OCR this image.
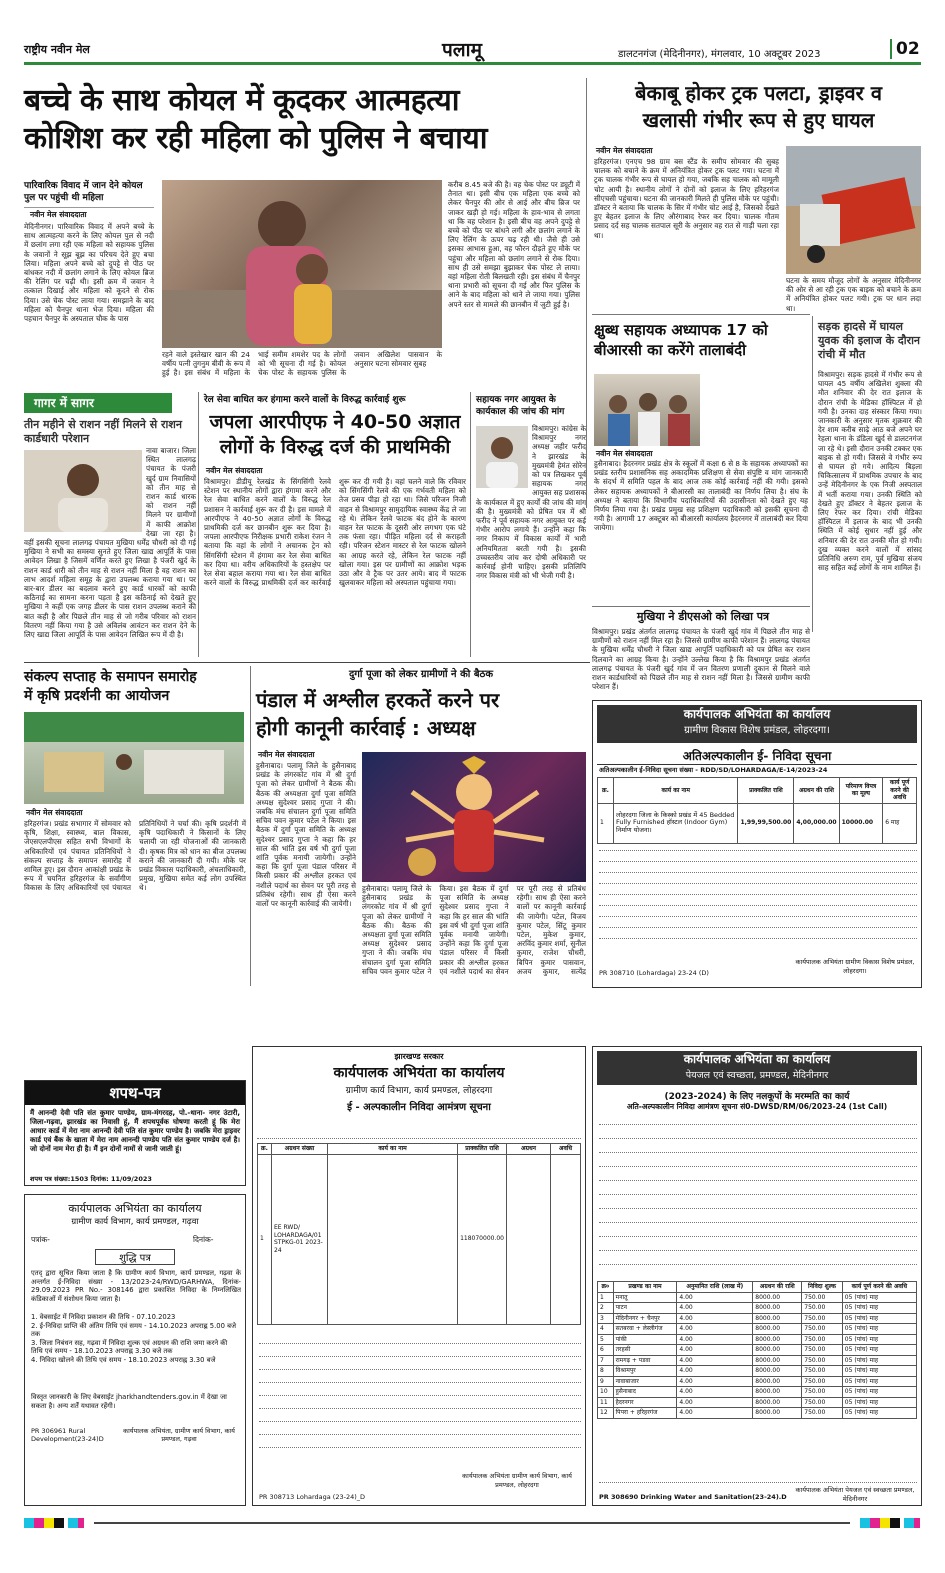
राष्ट्रीय नवीन मेल	पलामू	डालटनगंज (मेदिनीनगर), मंगलवार, 10 अक्टूबर 2023	02
बच्चे के साथ कोयल में कूदकर आत्महत्या
कोशिश कर रही महिला को पुलिस ने बचाया
पारिवारिक विवाद में जान देने कोयल पुल पर पहुंची थी महिला
नवीन मेल संवाददाता
मेदिनीनगर। पारिवारिक विवाद में अपने बच्चे के साथ आत्महत्या करने के लिए कोयल पुल से नदी में छलांग लगा रही एक महिला को सहायक पुलिस के जवानों ने सूझ बूझ का परिचय देते हुए बचा लिया। महिला अपने बच्चे को दुपट्टे से पीठ पर बांधकर नदी में छलांग लगाने के लिए कोयल ब्रिज की रेलिंग पर चढ़ी थी। इसी क्रम में जवान ने तत्काल दिखाई और महिला को कूदने से रोक दिया। उसे चेक पोस्ट लाया गया। समझाने के बाद महिला को चैनपुर थाना भेज दिया। महिला की पहचान चैनपुर के अस्पताल चौक के पास
रहने वाले इस्तेखार खान की 24 वर्षीय पत्नी तुगनुम बीवी के रूप में हुई है। इस संबंध में महिला के भाई समीम शमशेर पद के लोगों को भी सूचना दी गई है। कोयल चेक पोस्ट के सहायक पुलिस के जवान अखिलेश पासवान के अनुसार घटना सोमवार सुबह
करीब 8.45 बजे की है। वह चेक पोस्ट पर ड्यूटी में तैनात था। इसी बीच एक महिला एक बच्चे को लेकर चैनपुर की ओर से आई और बीच ब्रिज पर जाकर खड़ी हो गई। महिला के हाव-भाव से लगता था कि वह परेशान है। इसी बीच वह अपने दुपट्टे से बच्चे को पीठ पर बांधने लगी और छलांग लगाने के लिए रेलिंग के ऊपर चढ़ रही थी। जैसे ही उसे इसका आभास हुआ, वह फौरन दौड़ते हुए मौके पर पहुंचा और महिला को छलांग लगाने से रोक दिया। साथ ही उसे समझा बुझाकर चेक पोस्ट ले लाया। वहां महिला रोती बिलखती रही। इस संबंध में चैनपुर थाना प्रभारी को सूचना दी गई और फिर पुलिस के आने के बाद महिला को थाने ले जाया गया। पुलिस अपने स्तर से मामले की छानबीन में जुटी हुई है।
बेकाबू होकर ट्रक पलटा, ड्राइवर व
खलासी गंभीर रूप से हुए घायल
नवीन मेल संवाददाता
हरिहरगंज। एनएच 98 ग्राम बस स्टैंड के समीप सोमवार की सुबह चालक को बचाने के क्रम में अनियंत्रित होकर ट्रक पलट गया। घटना में ट्रक चालक गंभीर रूप से घायल हो गया, जबकि सह चालक को मामूली चोट आयी है। स्थानीय लोगों ने दोनों को इलाज के लिए हरिहरगंज सीएचसी पहुंचाया। घटना की जानकारी मिलते ही पुलिस मौके पर पहुंची। डॉक्टर ने बताया कि चालक के सिर में गंभीर चोट आई है, जिसको देखते हुए बेहतर इलाज के लिए औरंगाबाद रेफर कर दिया। चालक गौतम प्रसाद दर्द सह चालक सतपाल सूरी के अनुसार वह रात से गाड़ी चला रहा था।
घटना के समय मौजूद लोगों के अनुसार मेदिनीनगर की ओर से आ रही ट्रक एक बाइक को बचाने के क्रम में अनियंत्रित होकर पलट गयी। ट्रक पर धान लदा था।
क्षुब्ध सहायक अध्यापक 17 को
बीआरसी का करेंगे तालाबंदी
नवीन मेल संवाददाता
हुसैनाबाद। हैदरनगर प्रखंड क्षेत्र के स्कूलों में कक्षा 6 से 8 के सहायक अध्यापकों का प्रखंड स्तरीय प्रशासनिक सह अकादमिक प्रशिक्षण से सेवा संपुष्टि व मांग जानकारी के संदर्भ में समिति पहल के बाद आज तक कोई कार्रवाई नहीं की गयी। इसको लेकर सहायक अध्यापकों ने बीआरसी का तालाबंदी का निर्णय लिया है। संघ के अध्यक्ष ने बताया कि विभागीय पदाधिकारियों की उदासीनता को देखते हुए यह निर्णय लिया गया है। प्रखंड प्रमुख सह प्रशिक्षण पदाधिकारी को इसकी सूचना दी गयी है। आगामी 17 अक्टूबर को बीआरसी कार्यालय हैदरनगर में तालाबंदी कर दिया जायेगा।
सड़क हादसे में घायल युवक की इलाज के दौरान रांची में मौत
विश्रामपुर। सड़क हादसे में गंभीर रूप से घायल 45 वर्षीय अखिलेश शुक्ला की मौत शनिवार की देर रात इलाज के दौरान रांची के मेडिका हॉस्पिटल में हो गयी है। उनका दाह संस्कार किया गया। जानकारी के अनुसार मृतक शुक्रवार की देर शाम करीब साढ़े आठ बजे अपने घर रेहला थाना के डंडिला खुर्द से डालटनगंज जा रहे थे। इसी दौरान उनकी टक्कर एक बाइक से हो गयी। जिससे वे गंभीर रूप से घायल हो गये। आदित्य बिड़ला चिकित्सालय में प्राथमिक उपचार के बाद उन्हें मेदिनीनगर के एक निजी अस्पताल में भर्ती कराया गया। उनकी स्थिति को देखते हुए डॉक्टर ने बेहतर इलाज के लिए रेफर कर दिया। रांची मेडिका हॉस्पिटल में इलाज के बाद भी उनकी स्थिति में कोई सुधार नहीं हुई और शनिवार की देर रात उनकी मौत हो गयी। दुख व्यक्त करने वालों में सांसद प्रतिनिधि अरुण राम, पूर्व मुखिया संजय साह सहित कई लोगों के नाम शामिल हैं।
गागर में सागर
तीन महीने से राशन नहीं मिलने से राशन कार्डधारी परेशान
नावा बाजार। जिला स्थित लालगढ़ पंचायत के पंजरी खुर्द ग्राम निवासियों को तीन माह से राशन कार्ड धारक को राशन नहीं मिलने पर ग्रामीणों में काफी आक्रोश देखा जा रहा है। वहीं इसकी सूचना लालगढ़ पंचायत मुखिया धर्मेंद्र चौधरी को दी गई मुखिया ने सभी का समस्या सुनते हुए जिला खाद्य आपूर्ति के पास आवेदन लिखा है जिसमें वर्णित करते हुए लिखा है पंजरी खुर्द के राशन कार्ड धारी को तीन माह से राशन नहीं मिला है वह राशन का लाभ आदर्श महिला समूह के द्वारा उपलब्ध कराया गया था। पर बार-बार डीलर का बदलाव करने हुए कार्ड धारकों को काफी कठिनाई का सामना करना पड़ता है इस कठिनाई को देखते हुए मुखिया ने कहीं एक जगह डीलर के पास राशन उपलब्ध कराने की बात कही है और पिछले तीन माह से जो गरीब परिवार को राशन वितरण नहीं किया गया है उसे अविलंब आवंटन कर राशन देने के लिए खाद्य जिला आपूर्ति के पास आवेदन लिखित रूप में दी है।
रेल सेवा बाधित कर हंगामा करने वालों के विरुद्ध कार्रवाई शुरू
जपला आरपीएफ ने 40-50 अज्ञात
लोगों के विरुद्ध दर्ज की प्राथमिकी
नवीन मेल संवाददाता
विश्रामपुर। डीडीयू रेलखंड के सिंगसिंगी रेलवे स्टेशन पर स्थानीय लोगों द्वारा हंगामा करने और रेल सेवा बाधित करने वालों के विरुद्ध रेल प्रशासन ने कार्रवाई शुरू कर दी है। इस मामले में आरपीएफ ने 40-50 अज्ञात लोगों के विरुद्ध प्राथमिकी दर्ज कर छानबीन शुरू कर दिया है। जपला आरपीएफ निरीक्षक प्रभारी राकेश रंजन ने बताया कि वहां के लोगों ने अचानक ट्रेन को सिंगसिंगी स्टेशन में हंगामा कर रेल सेवा बाधित कर दिया था। वरीय अधिकारियों के हस्तक्षेप पर रेल सेवा बहाल कराया गया था। रेल सेवा बाधित करने वालों के विरुद्ध प्राथमिकी दर्ज कर कार्रवाई शुरू कर दी गयी है। वहां चलने वाले कि रविवार को सिंगसिंगी रेलवे की एक गर्भवती महिला को तेज प्रसव पीड़ा हो रहा था। जिसे परिजन निजी वाहन से विश्रामपुर सामुदायिक स्वास्थ्य केंद्र ले जा रहे थे। लेकिन रेलवे फाटक बंद होने के कारण वाहन रेल फाटक के दूसरी ओर लगभग एक घंटे तक फंसा रहा। पीड़ित महिला दर्द से कराहती रही। परिजन स्टेशन मास्टर से रेल फाटक खोलने का आग्रह करते रहे, लेकिन रेल फाटक नहीं खोला गया। इस पर ग्रामीणों का आक्रोश भड़क उठा और वे ट्रैक पर उतर आये। बाद में फाटक खुलवाकर महिला को अस्पताल पहुंचाया गया।
सहायक नगर आयुक्त के कार्यकाल की जांच की मांग
विश्रामपुर। कांग्रेस के विश्रामपुर नगर अध्यक्ष जहीर फरीद ने झारखंड के मुख्यमंत्री हेमंत सोरेन को पत्र लिखकर पूर्व सहायक नगर आयुक्त सह प्रशासक के कार्यकाल में हुए कार्यों की जांच की मांग की है। मुख्यमंत्री को प्रेषित पत्र में श्री फरीद ने पूर्व सहायक नगर आयुक्त पर कई गंभीर आरोप लगाये हैं। उन्होंने कहा कि नगर निकाय में विकास कार्यों में भारी अनियमितता बरती गयी है। इसकी उच्चस्तरीय जांच कर दोषी अधिकारी पर कार्रवाई होनी चाहिए। इसकी प्रतिलिपि नगर विकास मंत्री को भी भेजी गयी है।
मुखिया ने डीएसओ को लिखा पत्र
विश्रामपुर। प्रखंड अंतर्गत लालगढ़ पंचायत के पंजरी खुर्द गांव में पिछले तीन माह से ग्रामीणों को राशन नहीं मिल रहा है। जिससे ग्रामीण काफी परेशान हैं। लालगढ़ पंचायत के मुखिया धर्मेंद्र चौधरी ने जिला खाद्य आपूर्ति पदाधिकारी को पत्र प्रेषित कर राशन दिलवाने का आग्रह किया है। उन्होंने उल्लेख किया है कि विश्रामपुर प्रखंड अंतर्गत लालगढ़ पंचायत के पंजरी खुर्द गांव में जन वितरण प्रणाली दुकान से मिलने वाले राशन कार्डधारियों को पिछले तीन माह से राशन नहीं मिला है। जिससे ग्रामीण काफी परेशान हैं।
संकल्प सप्ताह के समापन समारोह
में कृषि प्रदर्शनी का आयोजन
नवीन मेल संवाददाता
हरिहरगंज। प्रखंड सभागार में सोमवार को कृषि, शिक्षा, स्वास्थ्य, बाल विकास, जेएसएलपीएस सहित सभी विभागों के अधिकारियों एवं पंचायत प्रतिनिधियों ने संकल्प सप्ताह के समापन समारोह में शामिल हुए। इस दौरान आकांक्षी प्रखंड के रूप में चयनित हरिहरगंज के सर्वांगीण विकास के लिए अधिकारियों एवं पंचायत प्रतिनिधियों ने चर्चा की। कृषि प्रदर्शनी में कृषि पदाधिकारी ने किसानों के लिए चलायी जा रही योजनाओं की जानकारी दी। कृषक मित्र को धान का बीज उपलब्ध कराने की जानकारी दी गयी। मौके पर प्रखंड विकास पदाधिकारी, अंचलाधिकारी, प्रमुख, मुखिया समेत कई लोग उपस्थित थे।
दुर्गा पूजा को लेकर ग्रामीणों ने की बैठक
पंडाल में अश्लील हरकतें करने पर
होगी कानूनी कार्रवाई : अध्यक्ष
नवीन मेल संवाददाता
हुसैनाबाद। पलामू जिले के हुसैनाबाद प्रखंड के लंगरकोट गांव में श्री दुर्गा पूजा को लेकर ग्रामीणों ने बैठक की। बैठक की अध्यक्षता दुर्गा पूजा समिति अध्यक्ष सुदेश्वर प्रसाद गुप्ता ने की। जबकि मंच संचालन दुर्गा पूजा समिति सचिव पवन कुमार पटेल ने किया। इस बैठक में दुर्गा पूजा समिति के अध्यक्ष सुदेश्वर प्रसाद गुप्ता ने कहा कि हर साल की भांति इस वर्ष भी दुर्गा पूजा शांति पूर्वक मनायी जायेगी। उन्होंने कहा कि दुर्गा पूजा पंडाल परिसर में किसी प्रकार की अश्लील हरकत एवं नशीले पदार्थ का सेवन पर पूरी तरह से प्रतिबंध रहेगी। साथ ही ऐसा करने वालों पर कानूनी कार्रवाई की जायेगी।
हुसैनाबाद। पलामू जिले के हुसैनाबाद प्रखंड के लंगरकोट गांव में श्री दुर्गा पूजा को लेकर ग्रामीणों ने बैठक की। बैठक की अध्यक्षता दुर्गा पूजा समिति अध्यक्ष सुदेश्वर प्रसाद गुप्ता ने की। जबकि मंच संचालन दुर्गा पूजा समिति सचिव पवन कुमार पटेल ने किया। इस बैठक में दुर्गा पूजा समिति के अध्यक्ष सुदेश्वर प्रसाद गुप्ता ने कहा कि हर साल की भांति इस वर्ष भी दुर्गा पूजा शांति पूर्वक मनायी जायेगी। उन्होंने कहा कि दुर्गा पूजा पंडाल परिसर में किसी प्रकार की अश्लील हरकत एवं नशीले पदार्थ का सेवन पर पूरी तरह से प्रतिबंध रहेगी। साथ ही ऐसा करने वालों पर कानूनी कार्रवाई की जायेगी। पटेल, विजय कुमार पटेल, सिंटू कुमार पटेल, मुकेश कुमार, अरविंद कुमार शर्मा, सुनील कुमार, राजेश चौधरी, बिपिन कुमार पासवान, अजय कुमार, सत्येंद्र
कार्यपालक अभियंता का कार्यालय
ग्रामीण विकास विशेष प्रमंडल, लोहरदगा।
अतिअल्पकालीन ई- निविदा सूचना
अतिअल्पकालीन ई-निविदा सूचना संख्या - RDD/SD/LOHARDAGA/E-14/2023-24
क्र.	कार्य का नाम	प्राक्कलित राशि	अग्रधन की राशि	परिमाण विपत्र का मूल्य	कार्य पूर्ण करने की अवधि
1	लोहरदगा जिला के किस्को प्रखंड में 45 Bedded Fully Furnished हॉस्टल (Indoor Gym) निर्माण योजना।	1,99,99,500.00	4,00,000.00	10000.00	6 माह
PR 308710 (Lohardaga) 23-24 (D)
कार्यपालक अभियंता ग्रामीण विकास विशेष प्रमंडल, लोहरदगा।
शपथ-पत्र
मैं आनन्दी देवी पति संत कुमार पाण्डेय, ग्राम-मंगरदह, पो.-थाना- नगर उंटारी, जिला-गढ़वा, झारखंड का निवासी हूं, मैं शपथपूर्वक घोषणा करती हूं कि मेरा आधार कार्ड में मेरा नाम आनन्दी देवी पति संत कुमार पाण्डेय है। जबकि मेरा ड्राइवर कार्ड एवं बैंक के खाता में मेरा नाम आनन्दी पाण्डेय पति संत कुमार पाण्डेय दर्ज है। जो दोनों नाम मेरा ही है। मैं इन दोनों नामों से जानी जाती हूं।
शपथ पत्र संख्या:1503 दिनांक: 11/09/2023
कार्यपालक अभियंता का कार्यालय
ग्रामीण कार्य विभाग, कार्य प्रमण्डल, गढ़वा
पत्रांक-	दिनांक-
शुद्धि पत्र
एतद् द्वारा सूचित किया जाता है कि ग्रामीण कार्य विभाग, कार्य प्रमण्डल, गढ़वा के अन्तर्गत ई-निविदा संख्या - 13/2023-24/RWD/GARHWA, दिनांक- 29.09.2023 PR No.- 308146 द्वारा प्रकाशित निविदा के निम्नलिखित कंडिकाओं में संशोधन किया जाता है।
1. वेबसाईट में निविदा प्रकाशन की तिथि - 07.10.2023
2. ई-निविदा प्राप्ति की अंतिम तिथि एवं समय - 14.10.2023 अपराह्न 5.00 बजे तक
3. जिला निबंधन सह, गढ़वा में निविदा शुल्क एवं अग्रधन की राशि जमा करने की तिथि एवं समय - 18.10.2023 अपराह्न 3.30 बजे तक
4. निविदा खोलने की तिथि एवं समय - 18.10.2023 अपराह्न 3.30 बजे
विस्तृत जानकारी के लिए वेबसाईट jharkhandtenders.gov.in में देखा जा सकता है। अन्य शर्तें यथावत रहेंगी।
PR 306961 Rural Development(23-24)D
कार्यपालक अभियंता, ग्रामीण कार्य विभाग, कार्य प्रमण्डल, गढ़वा
झारखण्ड सरकार
कार्यपालक अभियंता का कार्यालय
ग्रामीण कार्य विभाग, कार्य प्रमण्डल, लोहरदगा
ई - अल्पकालीन निविदा आमंत्रण सूचना
क्र.	अग्रधन संख्या	कार्य का नाम	प्राक्कलित राशि	अग्रधन	अवधि
1	EE RWD/ LOHARDAGA/01 STPKG-01 2023-24		118070000.00		
कार्यपालक अभियंता ग्रामीण कार्य विभाग, कार्य प्रमण्डल, लोहरदगा
PR 308713 Lohardaga (23-24)_D
कार्यपालक अभियंता का कार्यालय
पेयजल एवं स्वच्छता, प्रमण्डल, मेदिनीनगर
(2023-2024) के लिए नलकूपों के मरम्मति का कार्य
अति-अल्पकालीन निविदा आमंत्रण सूचना सं0-DWSD/RM/06/2023-24 (1st Call)
क्र०	प्रखण्ड का नाम	अनुमानित राशि (लाख में)	अग्रधन की राशि	निविदा शुल्क	कार्य पूर्ण करने की अवधि
1	मनातू	4.00	8000.00	750.00	05 (पांच) माह
2	पाटन	4.00	8000.00	750.00	05 (पांच) माह
3	मेदिनीनगर + चैनपुर	4.00	8000.00	750.00	05 (पांच) माह
4	सतबरवा + लेस्लीगंज	4.00	8000.00	750.00	05 (पांच) माह
5	पांकी	4.00	8000.00	750.00	05 (पांच) माह
6	तरहसी	4.00	8000.00	750.00	05 (पांच) माह
7	रामगढ़ + पडवा	4.00	8000.00	750.00	05 (पांच) माह
8	विश्रामपुर	4.00	8000.00	750.00	05 (पांच) माह
9	नावाबाजार	4.00	8000.00	750.00	05 (पांच) माह
10	हुसैनाबाद	4.00	8000.00	750.00	05 (पांच) माह
11	हैदरनगर	4.00	8000.00	750.00	05 (पांच) माह
12	पिपरा + हरिहरगंज	4.00	8000.00	750.00	05 (पांच) माह
कार्यपालक अभियंता पेयजल एवं स्वच्छता प्रमण्डल, मेदिनीनगर
PR 308690 Drinking Water and Sanitation(23-24).D
